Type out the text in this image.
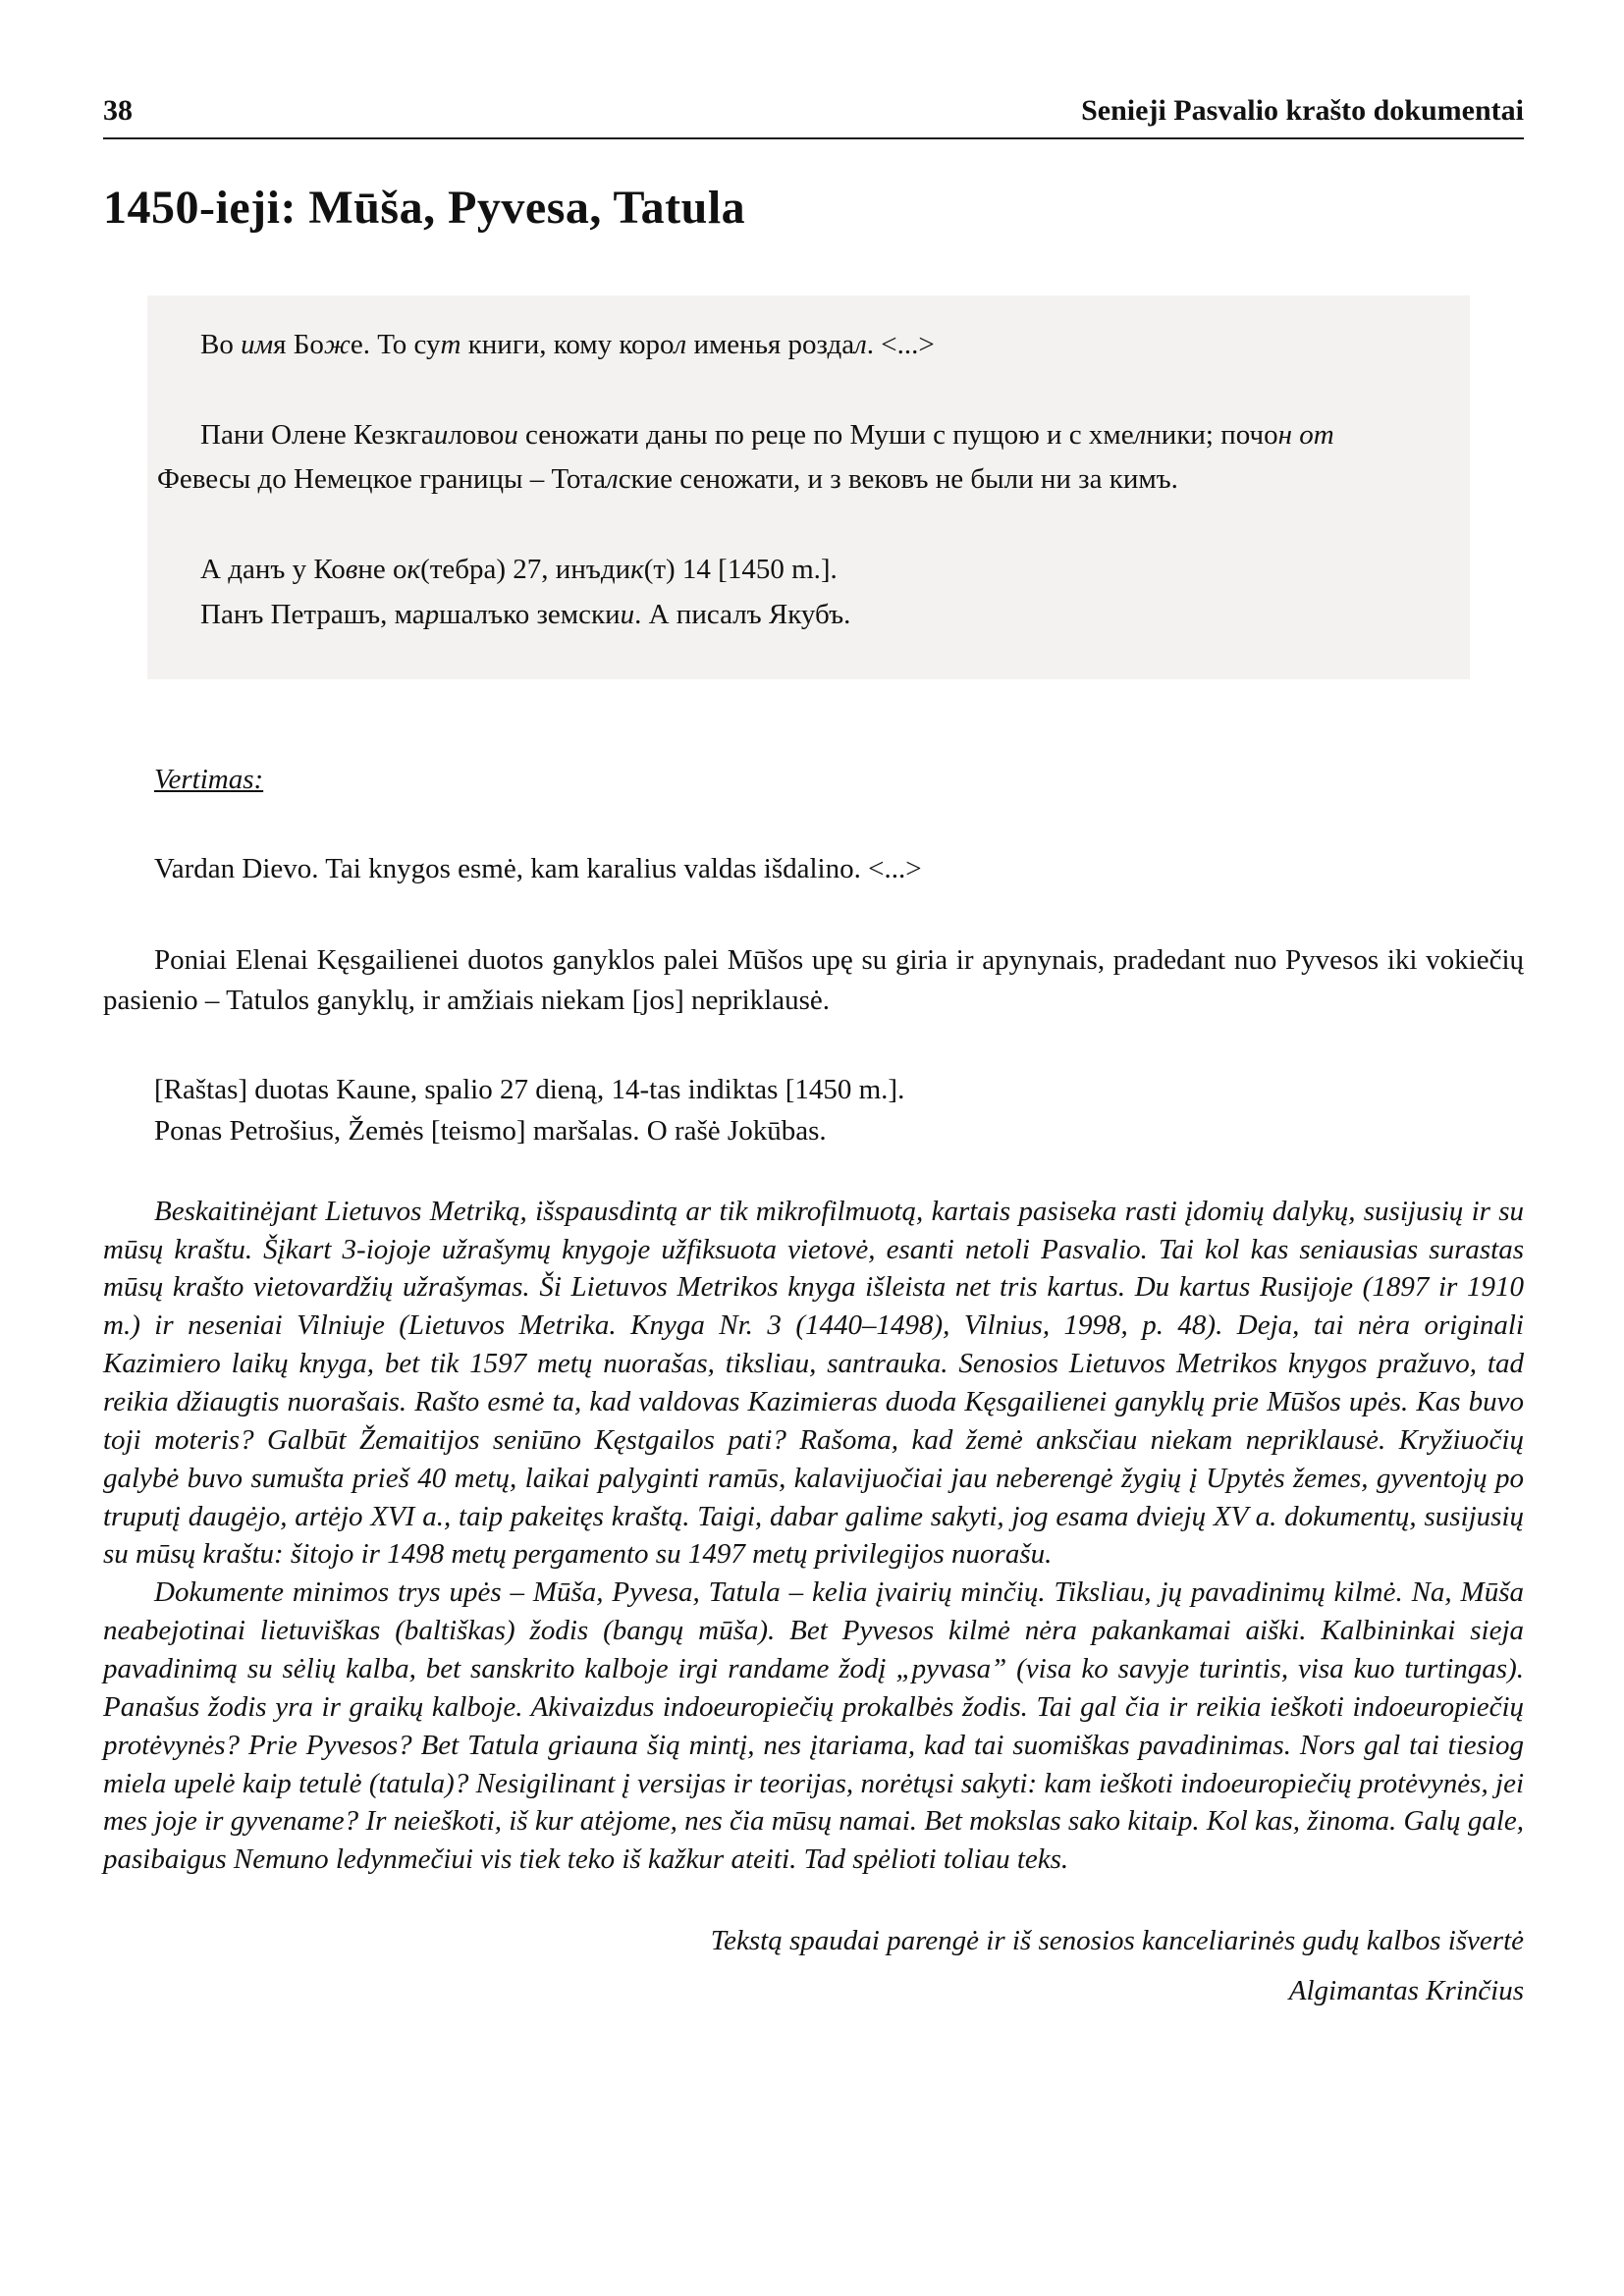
38	Senieji Pasvalio krašto dokumentai
1450-ieji: Mūša, Pyvesa, Tatula

Во имя Боже. То сут книги, кому корол именья роздал. <...>

Пани Олене Кезкгаиловои сеножати даны по реце по Муши с пущою и с хмелники; почон от Февесы до Немецкое границы – Тоталские сеножати, и з вековъ не были ни за кимъ.

А данъ у Ковне ок(тебра) 27, инъдик(т) 14 [1450 m.].
Панъ Петрашъ, маршалъко земскии. А писалъ Якубъ.
Vertimas:

Vardan Dievo. Tai knygos esmė, kam karalius valdas išdalino. <...>

Poniai Elenai Kęsgailienei duotos ganyklos palei Mūšos upę su giria ir apynynais, pradedant nuo Pyvesos iki vokiečių pasienio – Tatulos ganyklų, ir amžiais niekam [jos] nepriklausė.

[Raštas] duotas Kaune, spalio 27 dieną, 14-tas indiktas [1450 m.].
Ponas Petrošius, Žemės [teismo] maršalas. O rašė Jokūbas.

Beskaitinėjant Lietuvos Metriką, išspausdintą ar tik mikrofilmuotą, kartais pasiseka rasti įdomių dalykų, susijusių ir su mūsų kraštu. Šįkart 3-iojoje užrašymų knygoje užfiksuota vietovė, esanti netoli Pasvalio. Tai kol kas seniausias surastas mūsų krašto vietovardžių užrašymas. Ši Lietuvos Metrikos knyga išleista net tris kartus. Du kartus Rusijoje (1897 ir 1910 m.) ir neseniai Vilniuje (Lietuvos Metrika. Knyga Nr. 3 (1440–1498), Vilnius, 1998, p. 48). Deja, tai nėra originali Kazimiero laikų knyga, bet tik 1597 metų nuorašas, tiksliau, santrauka. Senosios Lietuvos Metrikos knygos pražuvo, tad reikia džiaugtis nuorašais. Rašto esmė ta, kad valdovas Kazimieras duoda Kęsgailienei ganyklų prie Mūšos upės. Kas buvo toji moteris? Galbūt Žemaitijos seniūno Kęstgailos pati? Rašoma, kad žemė anksčiau niekam nepriklausė. Kryžiuočių galybė buvo sumušta prieš 40 metų, laikai palyginti ramūs, kalavijuočiai jau neberengė žygių į Upytės žemes, gyventojų po truputį daugėjo, artėjo XVI a., taip pakeitęs kraštą. Taigi, dabar galime sakyti, jog esama dviejų XV a. dokumentų, susijusių su mūsų kraštu: šitojo ir 1498 metų pergamento su 1497 metų privilegijos nuorašu.

Dokumente minimos trys upės – Mūša, Pyvesa, Tatula – kelia įvairių minčių. Tiksliau, jų pavadinimų kilmė. Na, Mūša neabejotinai lietuviškas (baltiškas) žodis (bangų mūša). Bet Pyvesos kilmė nėra pakankamai aiški. Kalbininkai sieja pavadinimą su sėlių kalba, bet sanskrito kalboje irgi randame žodį „pyvasa” (visa ko savyje turintis, visa kuo turtingas). Panašus žodis yra ir graikų kalboje. Akivaizdus indoeuropiečių prokalbės žodis. Tai gal čia ir reikia ieškoti indoeuropiečių protėvynės? Prie Pyvesos? Bet Tatula griauna šią mintį, nes įtariama, kad tai suomiškas pavadinimas. Nors gal tai tiesiog miela upelė kaip tetulė (tatula)? Nesigilinant į versijas ir teorijas, norėtųsi sakyti: kam ieškoti indoeuropiečių protėvynės, jei mes joje ir gyvename? Ir neieškoti, iš kur atėjome, nes čia mūsų namai. Bet mokslas sako kitaip. Kol kas, žinoma. Galų gale, pasibaigus Nemuno ledynmečiui vis tiek teko iš kažkur ateiti. Tad spėlioti toliau teks.

Tekstą spaudai parengė ir iš senosios kanceliarinės gudų kalbos išvertė
Algimantas Krinčius
